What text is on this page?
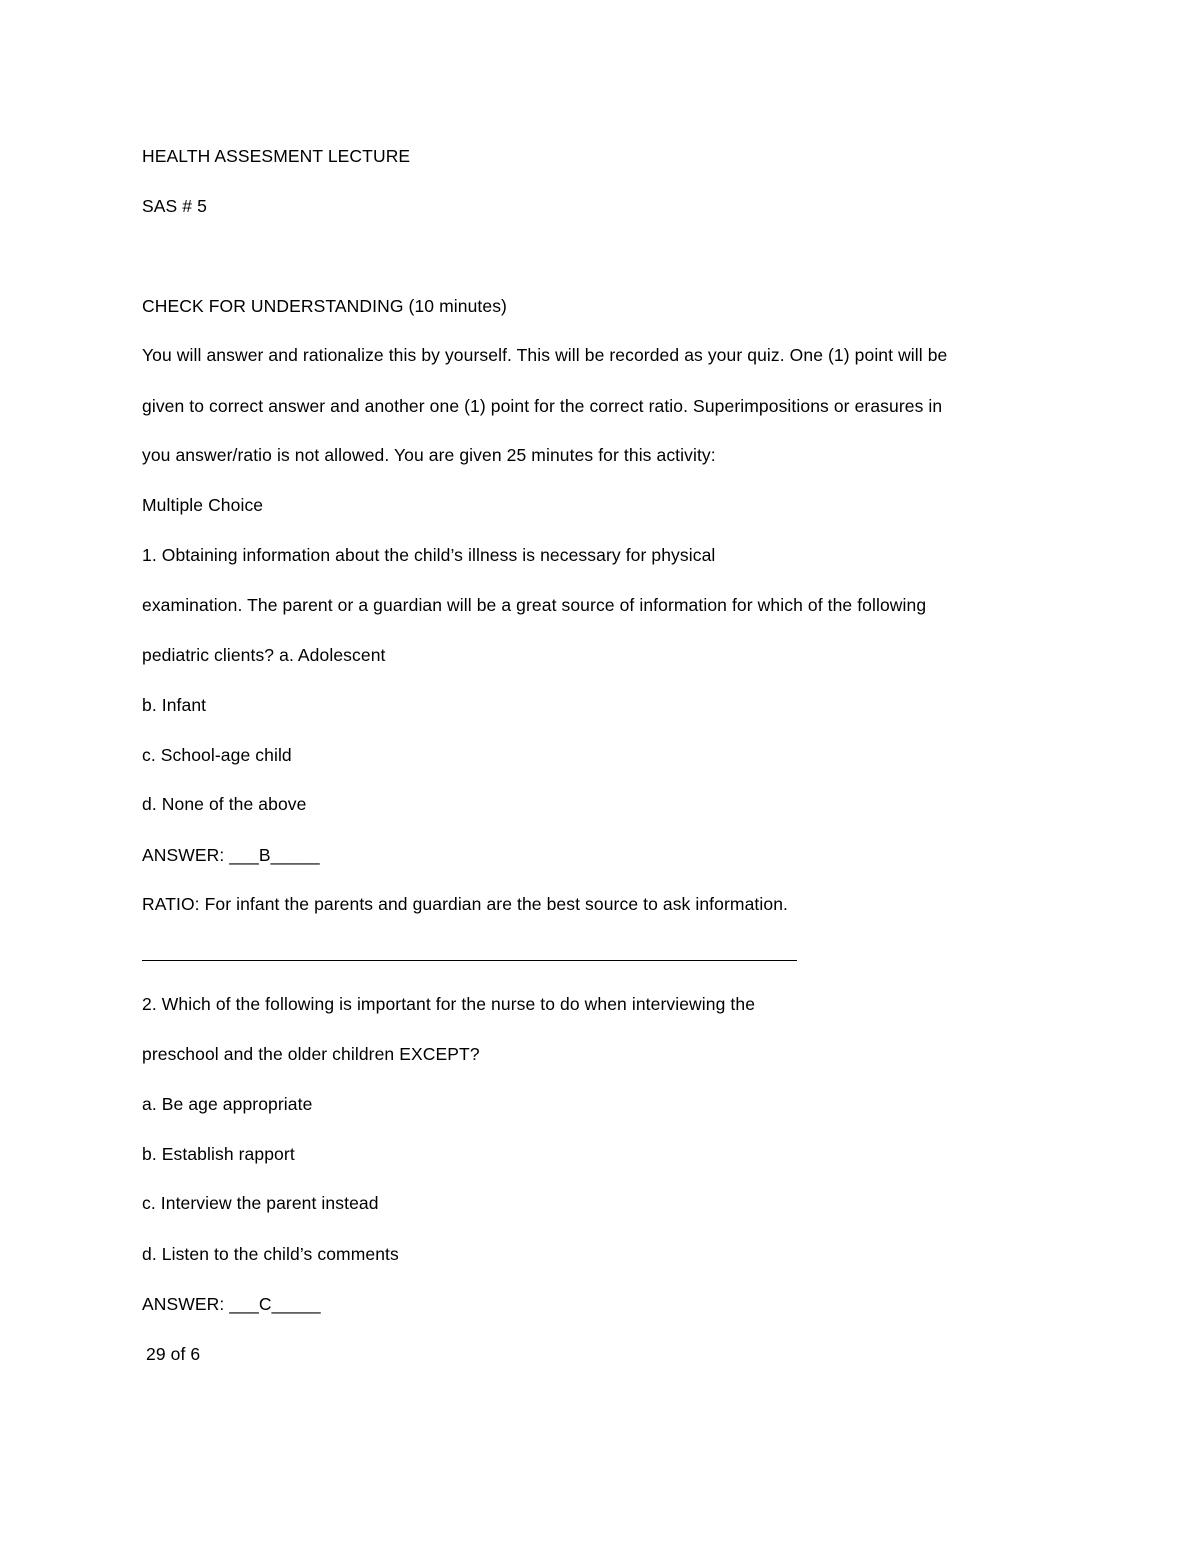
HEALTH ASSESMENT LECTURE
SAS # 5
CHECK FOR UNDERSTANDING (10 minutes)
You will answer and rationalize this by yourself. This will be recorded as your quiz. One (1) point will be
given to correct answer and another one (1) point for the correct ratio. Superimpositions or erasures in
you answer/ratio is not allowed. You are given 25 minutes for this activity:
Multiple Choice
1. Obtaining information about the child’s illness is necessary for physical
examination. The parent or a guardian will be a great source of information for which of the following
pediatric clients? a. Adolescent
b. Infant
c. School-age child
d. None of the above
ANSWER: ___B_____
RATIO: For infant the parents and guardian are the best source to ask information.
2. Which of the following is important for the nurse to do when interviewing the
preschool and the older children EXCEPT?
a. Be age appropriate
b. Establish rapport
c. Interview the parent instead
d. Listen to the child’s comments
ANSWER: ___C_____
29 of 6
